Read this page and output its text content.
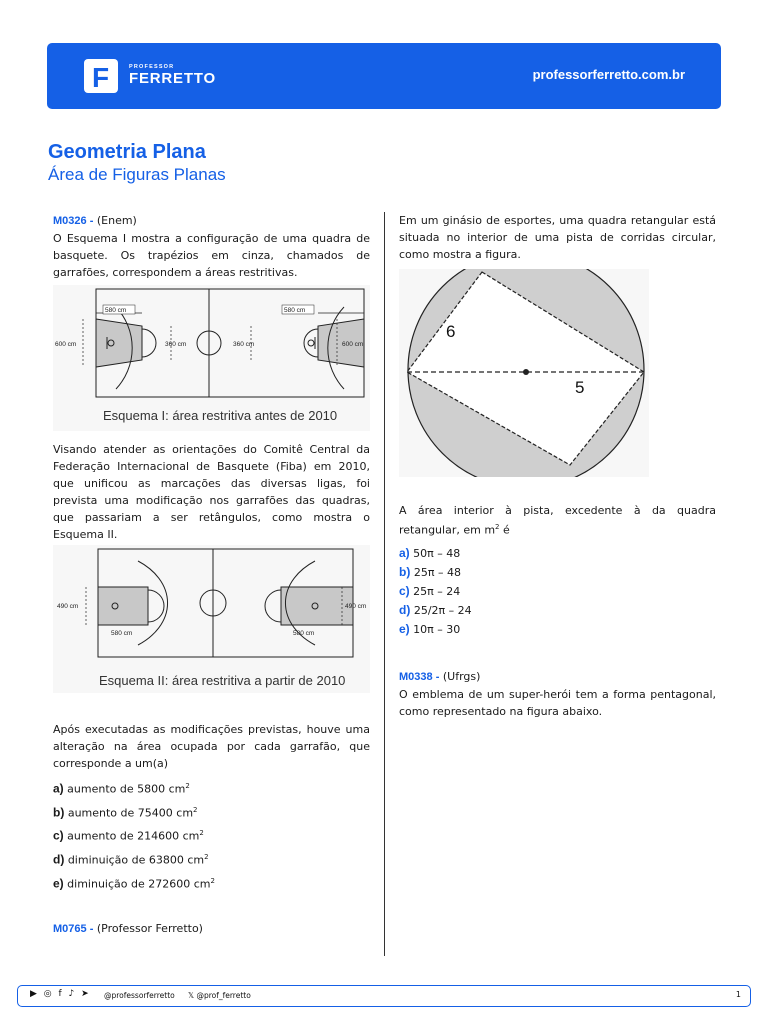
F	PROFESSOR
FERRETTO	professorferretto.com.br
Geometria Plana
Área de Figuras Planas
M0326 - (Enem)
O Esquema I mostra a configuração de uma quadra de basquete. Os trapézios em cinza, chamados de garrafões, correspondem a áreas restritivas.
580 cm	580 cm
600 cm	360 cm	360 cm	600 cm
Esquema I: área restritiva antes de 2010
Visando atender as orientações do Comitê Central da Federação Internacional de Basquete (Fiba) em 2010, que unificou as marcações das diversas ligas, foi prevista uma modificação nos garrafões das quadras, que passariam a ser retângulos, como mostra o Esquema II.
490 cm	490 cm
580 cm	580 cm
Esquema II: área restritiva a partir de 2010
Após executadas as modificações previstas, houve uma alteração na área ocupada por cada garrafão, que corresponde a um(a)
a) aumento de 5800 $cm^2$
b) aumento de 75400 $cm^2$
c) aumento de 214600 $cm^2$
d) diminuição de 63800 $cm^2$
e) diminuição de 272600 $cm^2$
M0765 - (Professor Ferretto)
Em um ginásio de esportes, uma quadra retangular está situada no interior de uma pista de corridas circular, como mostra a figura.
6
5
A área interior à pista, excedente à da quadra retangular, em $m^2$ é
a) 50π – 48
b) 25π – 48
c) 25π – 24
d) 25/2π – 24
e) 10π – 30
M0338 - (Ufrgs)
O emblema de um super-herói tem a forma pentagonal, como representado na figura abaixo.
▶ ◎ f ♪ ➤ @professorferretto 𝕏 @prof_ferretto	1
